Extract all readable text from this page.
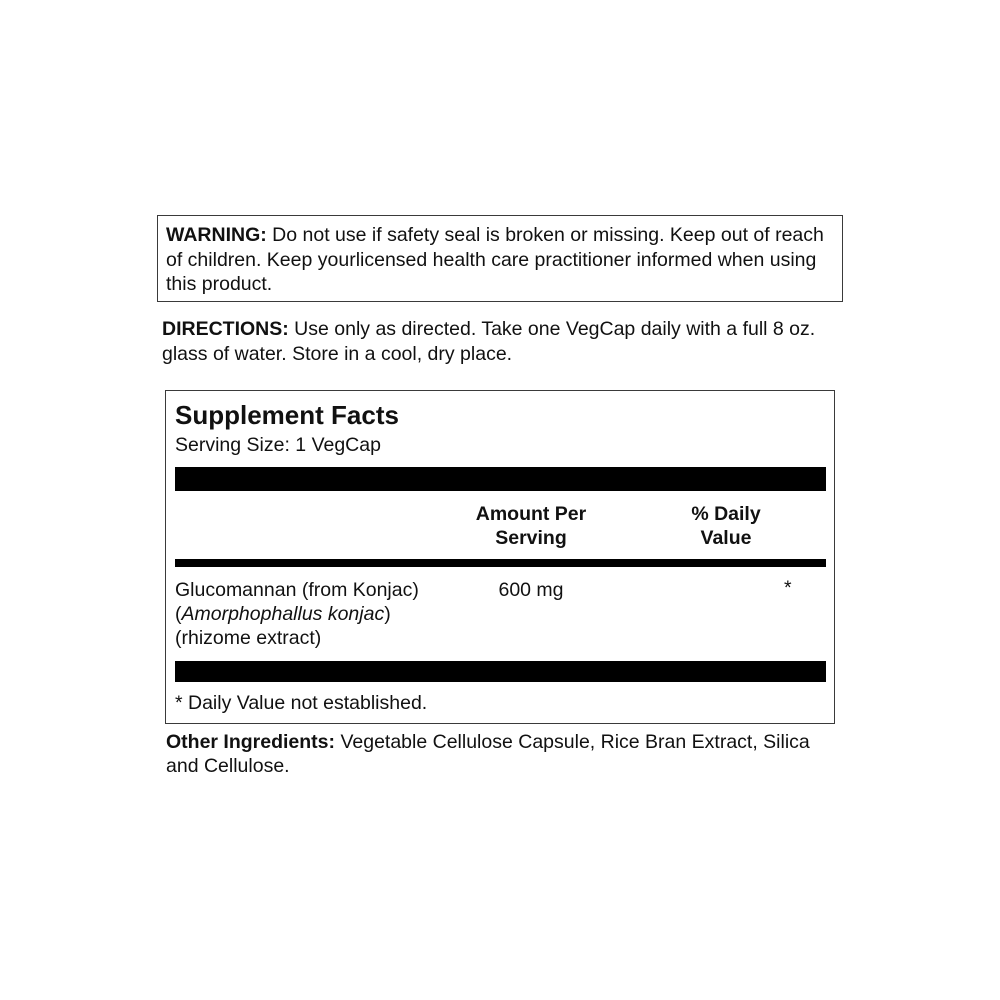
WARNING: Do not use if safety seal is broken or missing. Keep out of reach of children. Keep yourlicensed health care practitioner informed when using this product.
DIRECTIONS: Use only as directed. Take one VegCap daily with a full 8 oz. glass of water. Store in a cool, dry place.
Supplement Facts
Serving Size: 1 VegCap
Amount Per
Serving
% Daily
Value
Glucomannan (from Konjac) (Amorphophallus konjac) (rhizome extract)
600 mg	*
* Daily Value not established.
Other Ingredients: Vegetable Cellulose Capsule, Rice Bran Extract, Silica and Cellulose.
